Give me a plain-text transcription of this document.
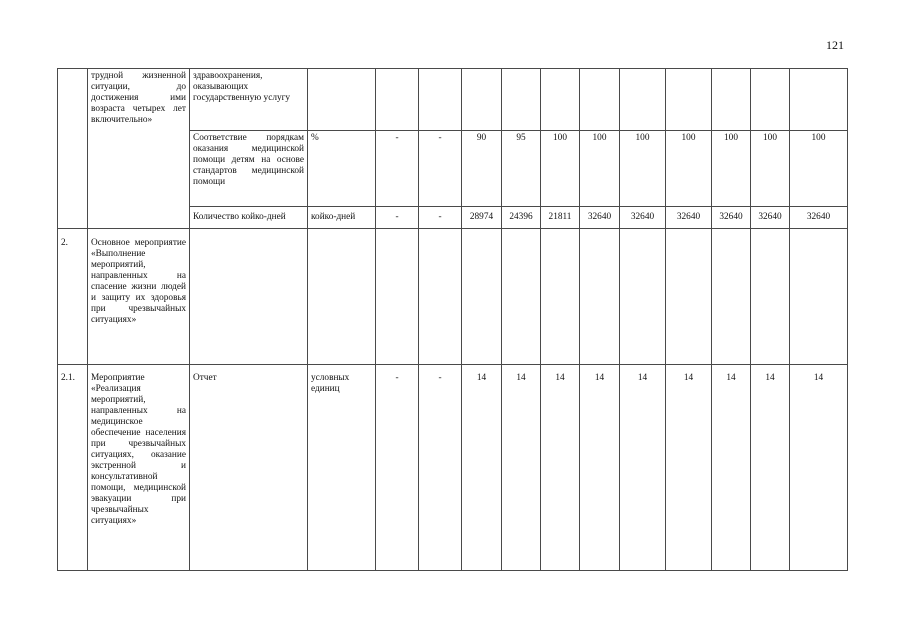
121
	трудной жизненной ситуации, до достижения ими возраста четырех лет включительно»	здравоохранения, оказывающих государственную услугу												
		Соответствие порядкам оказания медицинской помощи детям на основе стандартов медицинской помощи	%	-	-	90	95	100	100	100	100	100	100	100
		Количество койко-дней	койко-дней	-	-	28974	24396	21811	32640	32640	32640	32640	32640	32640
2.	Основное мероприятие «Выполнение мероприятий, направленных на спасение жизни людей и защиту их здоровья при чрезвычайных ситуациях»													
2.1.	Мероприятие «Реализация мероприятий, направленных на медицинское обеспечение населения при чрезвычайных ситуациях, оказание экстренной и консультативной помощи, медицинской эвакуации при чрезвычайных ситуациях»	Отчет	условных единиц	-	-	14	14	14	14	14	14	14	14	14
